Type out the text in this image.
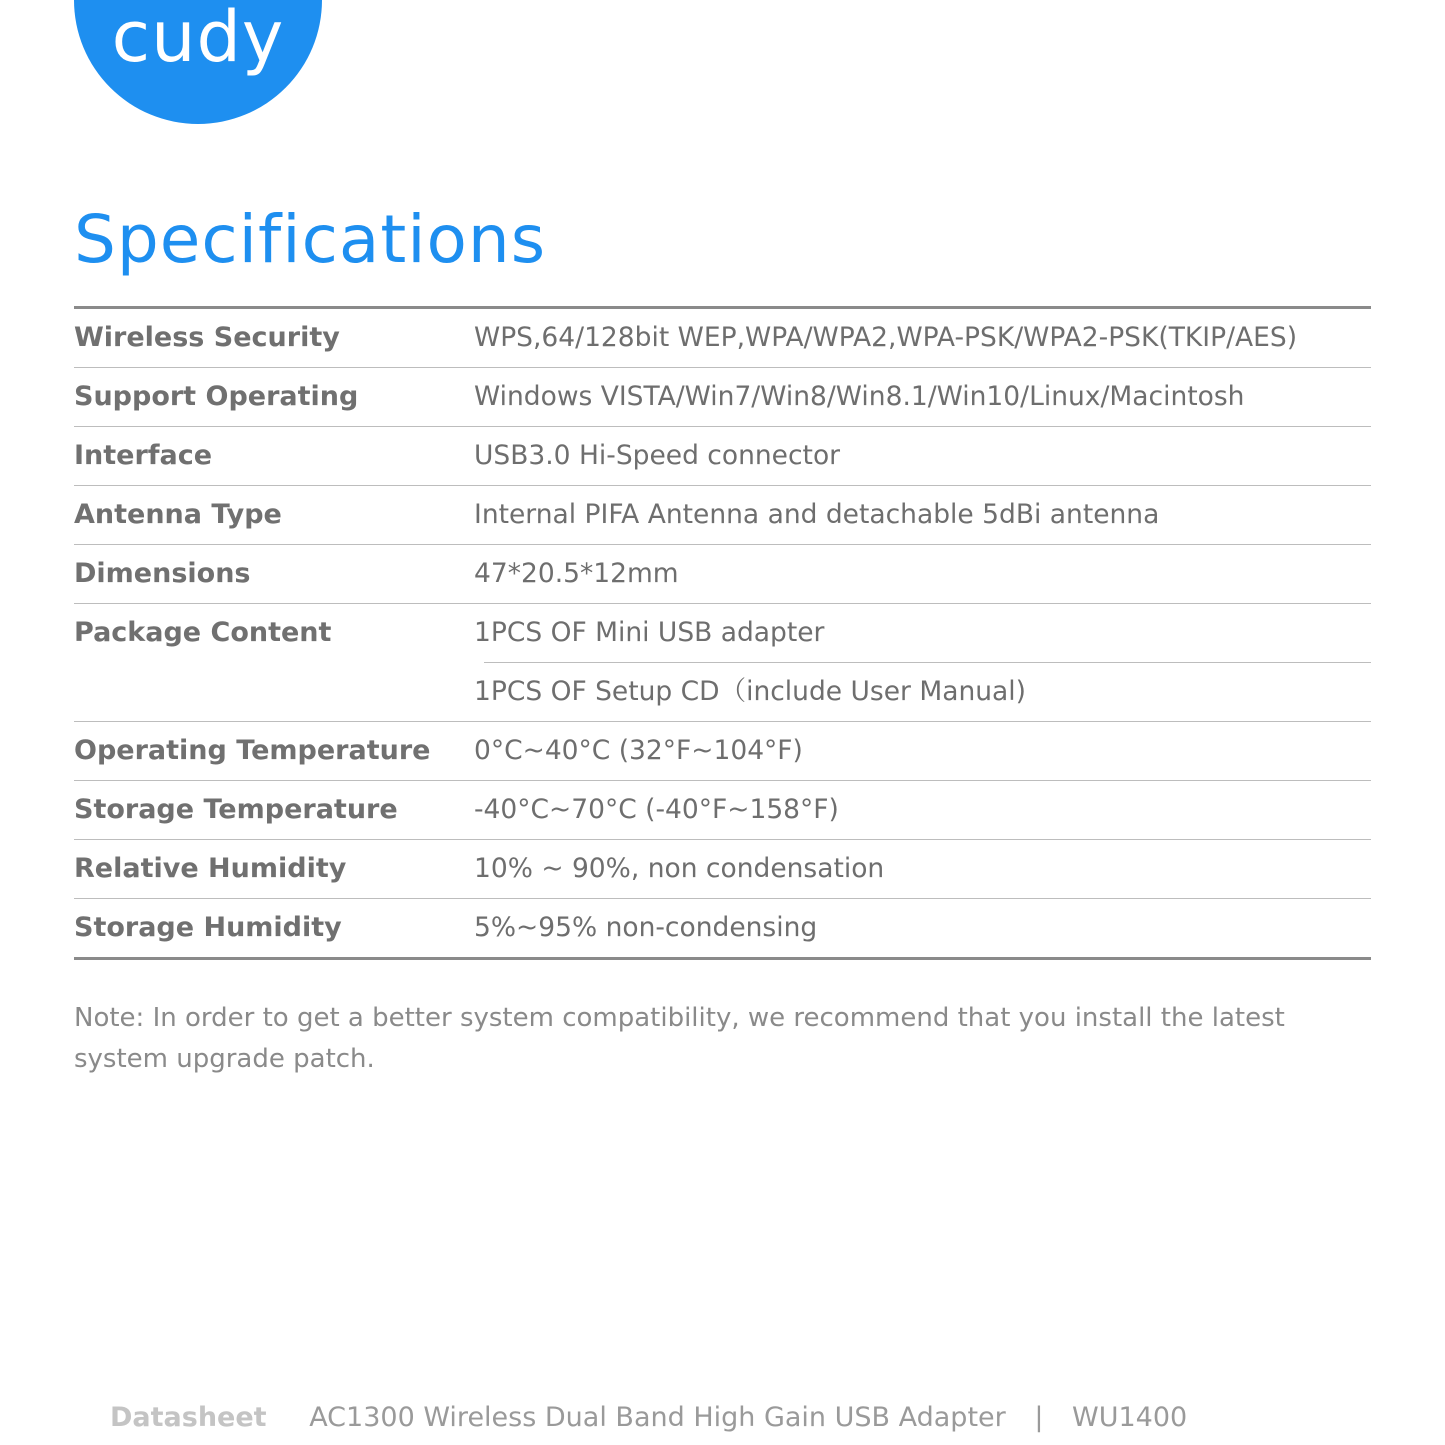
cudy
Specifications
Wireless Security	WPS,64/128bit WEP,WPA/WPA2,WPA-PSK/WPA2-PSK(TKIP/AES)
Support Operating	Windows VISTA/Win7/Win8/Win8.1/Win10/Linux/Macintosh
Interface	USB3.0 Hi-Speed connector
Antenna Type	Internal PIFA Antenna and detachable 5dBi antenna
Dimensions	47*20.5*12mm
Package Content	1PCS OF Mini USB adapter
1PCS OF Setup CD（include User Manual)
Operating Temperature	0°C~40°C (32°F~104°F)
Storage Temperature	-40°C~70°C (-40°F~158°F)
Relative Humidity	10% ~ 90%, non condensation
Storage Humidity	5%~95% non-condensing

Note: In order to get a better system compatibility, we recommend that you install the latest system upgrade patch.

Datasheet AC1300 Wireless Dual Band High Gain USB Adapter | WU1400
